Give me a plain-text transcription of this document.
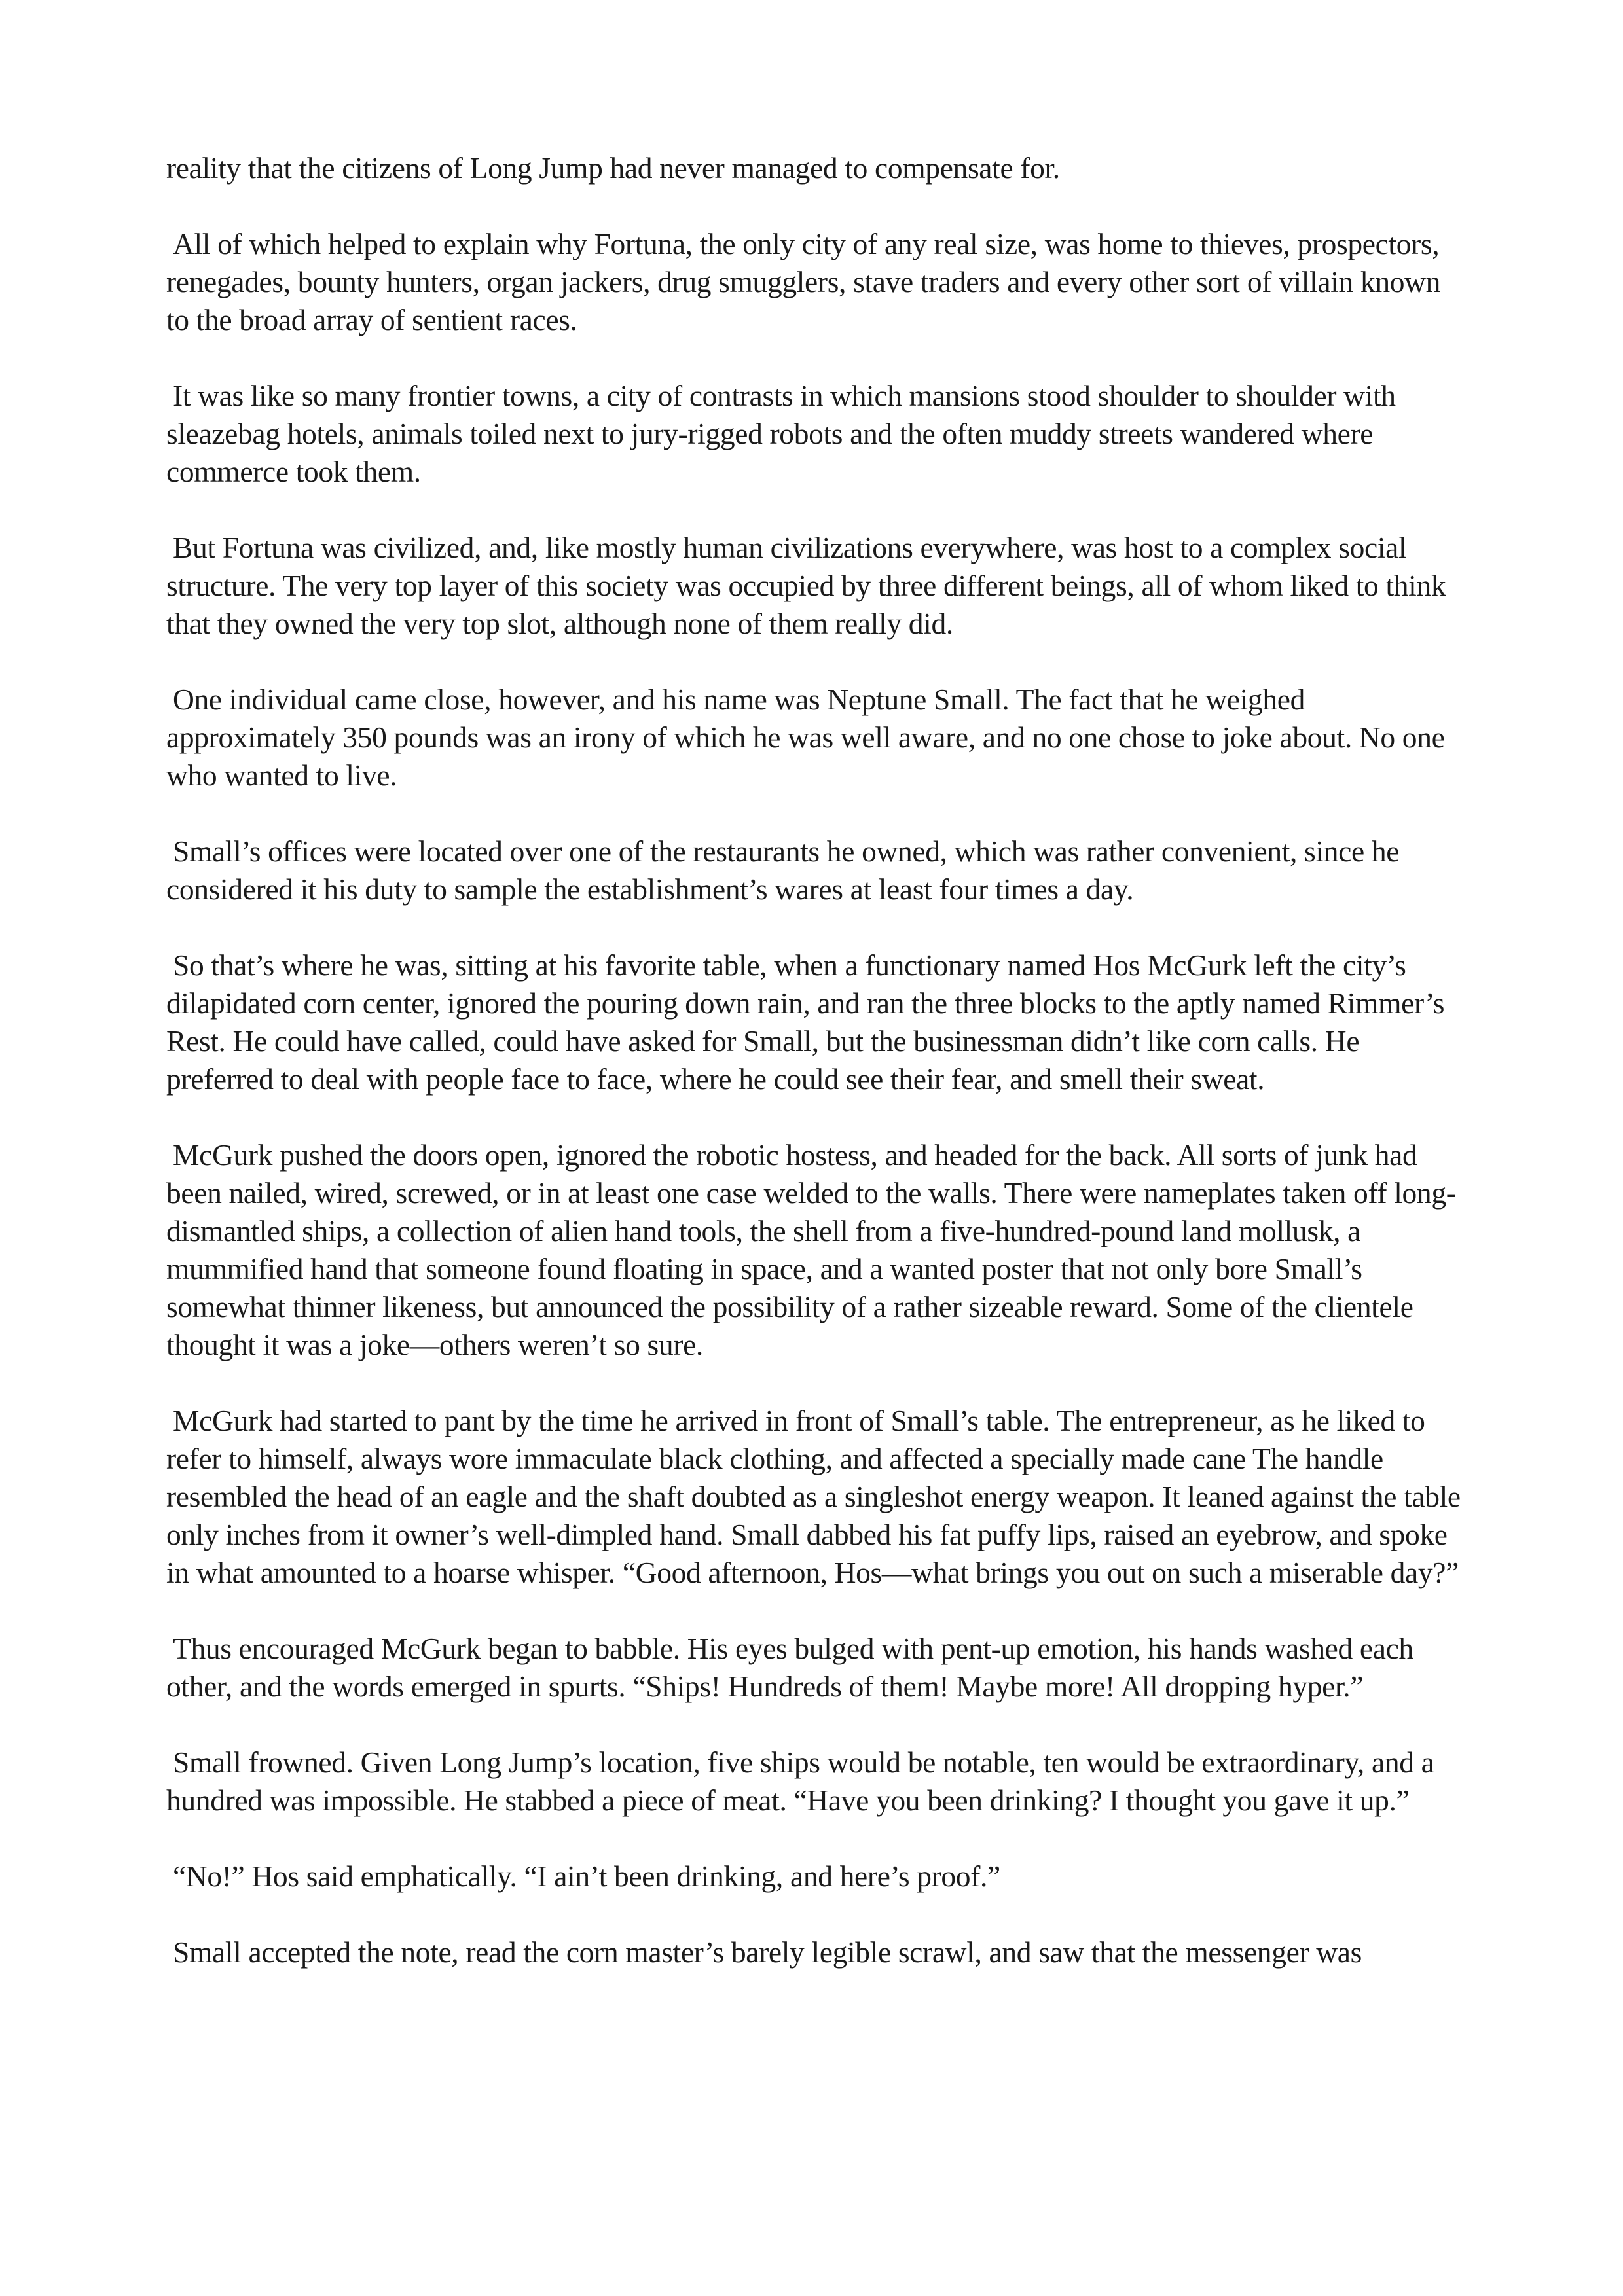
reality that the citizens of Long Jump had never managed to compensate for.

All of which helped to explain why Fortuna, the only city of any real size, was home to thieves, prospectors, renegades, bounty hunters, organ jackers, drug smugglers, stave traders and every other sort of villain known to the broad array of sentient races.

It was like so many frontier towns, a city of contrasts in which mansions stood shoulder to shoulder with sleazebag hotels, animals toiled next to jury-rigged robots and the often muddy streets wandered where commerce took them.

But Fortuna was civilized, and, like mostly human civilizations everywhere, was host to a complex social structure. The very top layer of this society was occupied by three different beings, all of whom liked to think that they owned the very top slot, although none of them really did.

One individual came close, however, and his name was Neptune Small. The fact that he weighed approximately 350 pounds was an irony of which he was well aware, and no one chose to joke about. No one who wanted to live.

Small’s offices were located over one of the restaurants he owned, which was rather convenient, since he considered it his duty to sample the establishment’s wares at least four times a day.

So that’s where he was, sitting at his favorite table, when a functionary named Hos McGurk left the city’s dilapidated corn center, ignored the pouring down rain, and ran the three blocks to the aptly named Rimmer’s Rest. He could have called, could have asked for Small, but the businessman didn’t like corn calls. He preferred to deal with people face to face, where he could see their fear, and smell their sweat.

McGurk pushed the doors open, ignored the robotic hostess, and headed for the back. All sorts of junk had been nailed, wired, screwed, or in at least one case welded to the walls. There were nameplates taken off long-dismantled ships, a collection of alien hand tools, the shell from a five-hundred-pound land mollusk, a mummified hand that someone found floating in space, and a wanted poster that not only bore Small’s somewhat thinner likeness, but announced the possibility of a rather sizeable reward. Some of the clientele thought it was a joke—others weren’t so sure.

McGurk had started to pant by the time he arrived in front of Small’s table. The entrepreneur, as he liked to refer to himself, always wore immaculate black clothing, and affected a specially made cane The handle resembled the head of an eagle and the shaft doubted as a singleshot energy weapon. It leaned against the table only inches from it owner’s well-dimpled hand. Small dabbed his fat puffy lips, raised an eyebrow, and spoke in what amounted to a hoarse whisper. “Good afternoon, Hos—what brings you out on such a miserable day?”

Thus encouraged McGurk began to babble. His eyes bulged with pent-up emotion, his hands washed each other, and the words emerged in spurts. “Ships! Hundreds of them! Maybe more! All dropping hyper.”

Small frowned. Given Long Jump’s location, five ships would be notable, ten would be extraordinary, and a hundred was impossible. He stabbed a piece of meat. “Have you been drinking? I thought you gave it up.”

“No!” Hos said emphatically. “I ain’t been drinking, and here’s proof.”

Small accepted the note, read the corn master’s barely legible scrawl, and saw that the messenger was
